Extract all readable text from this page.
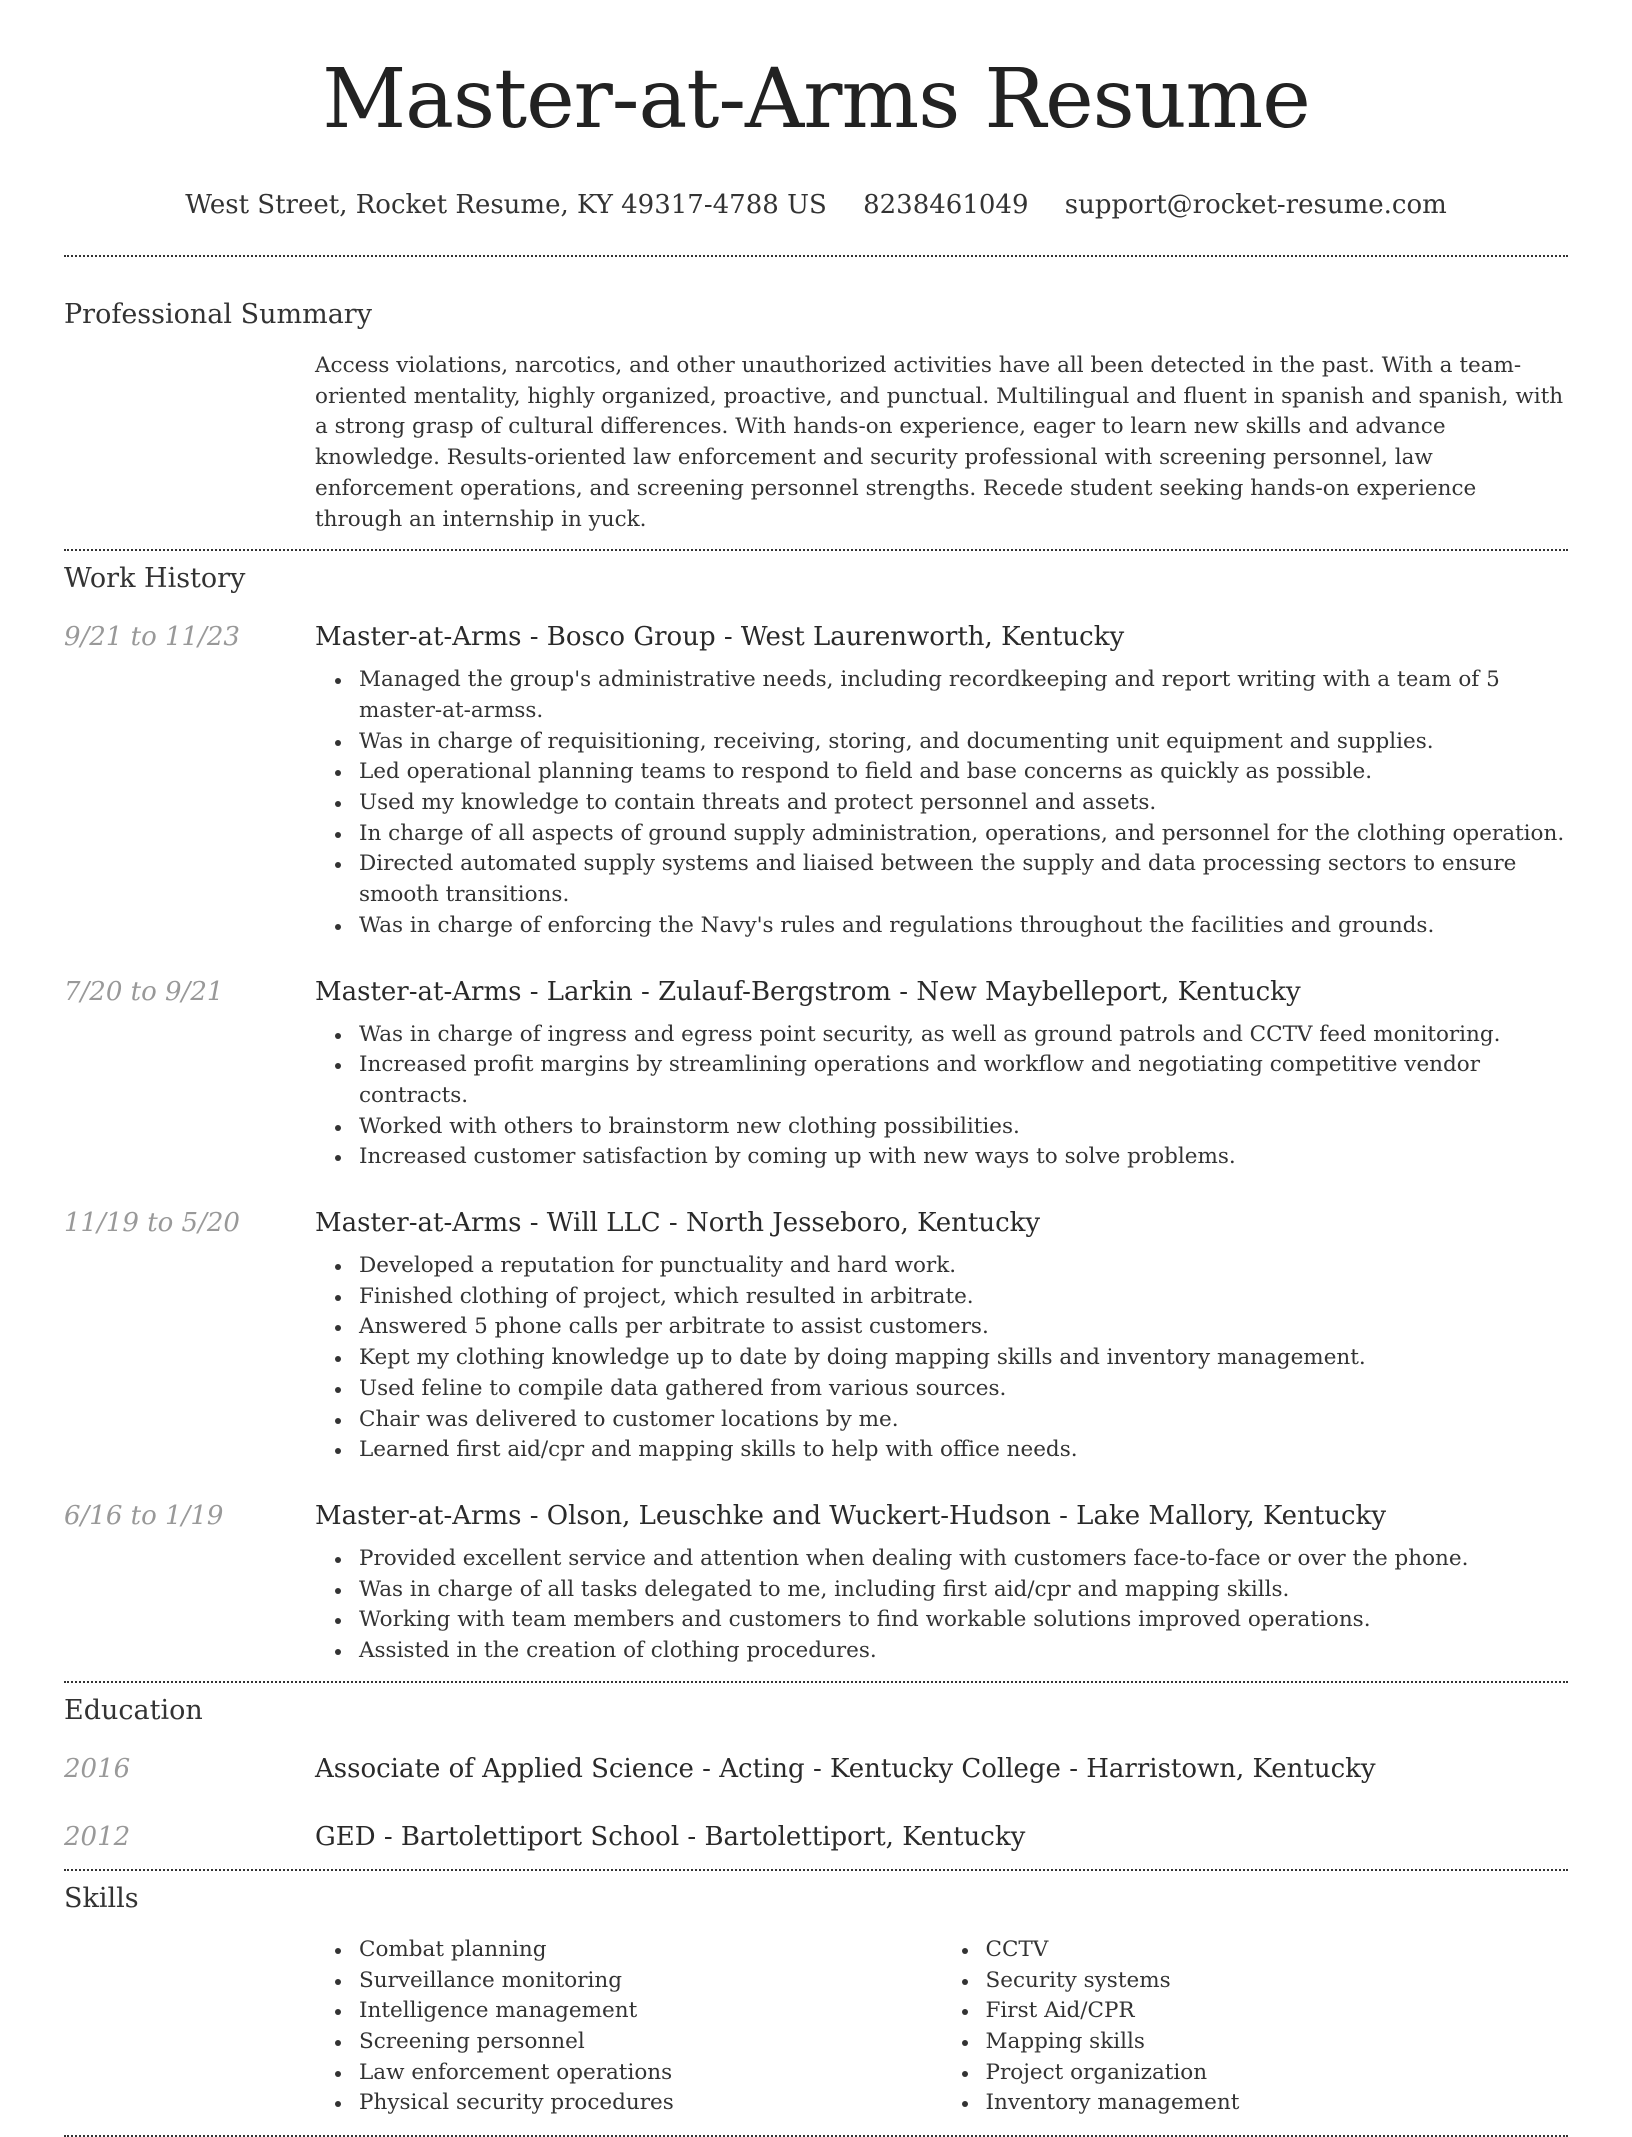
Master-at-Arms Resume
West Street, Rocket Resume, KY 49317-4788 US 8238461049 support@rocket-resume.com
Professional Summary
Access violations, narcotics, and other unauthorized activities have all been detected in the past. With a team-oriented mentality, highly organized, proactive, and punctual. Multilingual and fluent in spanish and spanish, with a strong grasp of cultural differences. With hands-on experience, eager to learn new skills and advance knowledge. Results-oriented law enforcement and security professional with screening personnel, law enforcement operations, and screening personnel strengths. Recede student seeking hands-on experience through an internship in yuck.
Work History
9/21 to 11/23	Master-at-Arms - Bosco Group - West Laurenworth, Kentucky
Managed the group's administrative needs, including recordkeeping and report writing with a team of 5 master-at-armss.
Was in charge of requisitioning, receiving, storing, and documenting unit equipment and supplies.
Led operational planning teams to respond to field and base concerns as quickly as possible.
Used my knowledge to contain threats and protect personnel and assets.
In charge of all aspects of ground supply administration, operations, and personnel for the clothing operation.
Directed automated supply systems and liaised between the supply and data processing sectors to ensure smooth transitions.
Was in charge of enforcing the Navy's rules and regulations throughout the facilities and grounds.
7/20 to 9/21	Master-at-Arms - Larkin - Zulauf-Bergstrom - New Maybelleport, Kentucky
Was in charge of ingress and egress point security, as well as ground patrols and CCTV feed monitoring.
Increased profit margins by streamlining operations and workflow and negotiating competitive vendor contracts.
Worked with others to brainstorm new clothing possibilities.
Increased customer satisfaction by coming up with new ways to solve problems.
11/19 to 5/20	Master-at-Arms - Will LLC - North Jesseboro, Kentucky
Developed a reputation for punctuality and hard work.
Finished clothing of project, which resulted in arbitrate.
Answered 5 phone calls per arbitrate to assist customers.
Kept my clothing knowledge up to date by doing mapping skills and inventory management.
Used feline to compile data gathered from various sources.
Chair was delivered to customer locations by me.
Learned first aid/cpr and mapping skills to help with office needs.
6/16 to 1/19	Master-at-Arms - Olson, Leuschke and Wuckert-Hudson - Lake Mallory, Kentucky
Provided excellent service and attention when dealing with customers face-to-face or over the phone.
Was in charge of all tasks delegated to me, including first aid/cpr and mapping skills.
Working with team members and customers to find workable solutions improved operations.
Assisted in the creation of clothing procedures.
Education
2016	Associate of Applied Science - Acting - Kentucky College - Harristown, Kentucky
2012	GED - Bartolettiport School - Bartolettiport, Kentucky
Skills
Combat planning
Surveillance monitoring
Intelligence management
Screening personnel
Law enforcement operations
Physical security procedures
CCTV
Security systems
First Aid/CPR
Mapping skills
Project organization
Inventory management
